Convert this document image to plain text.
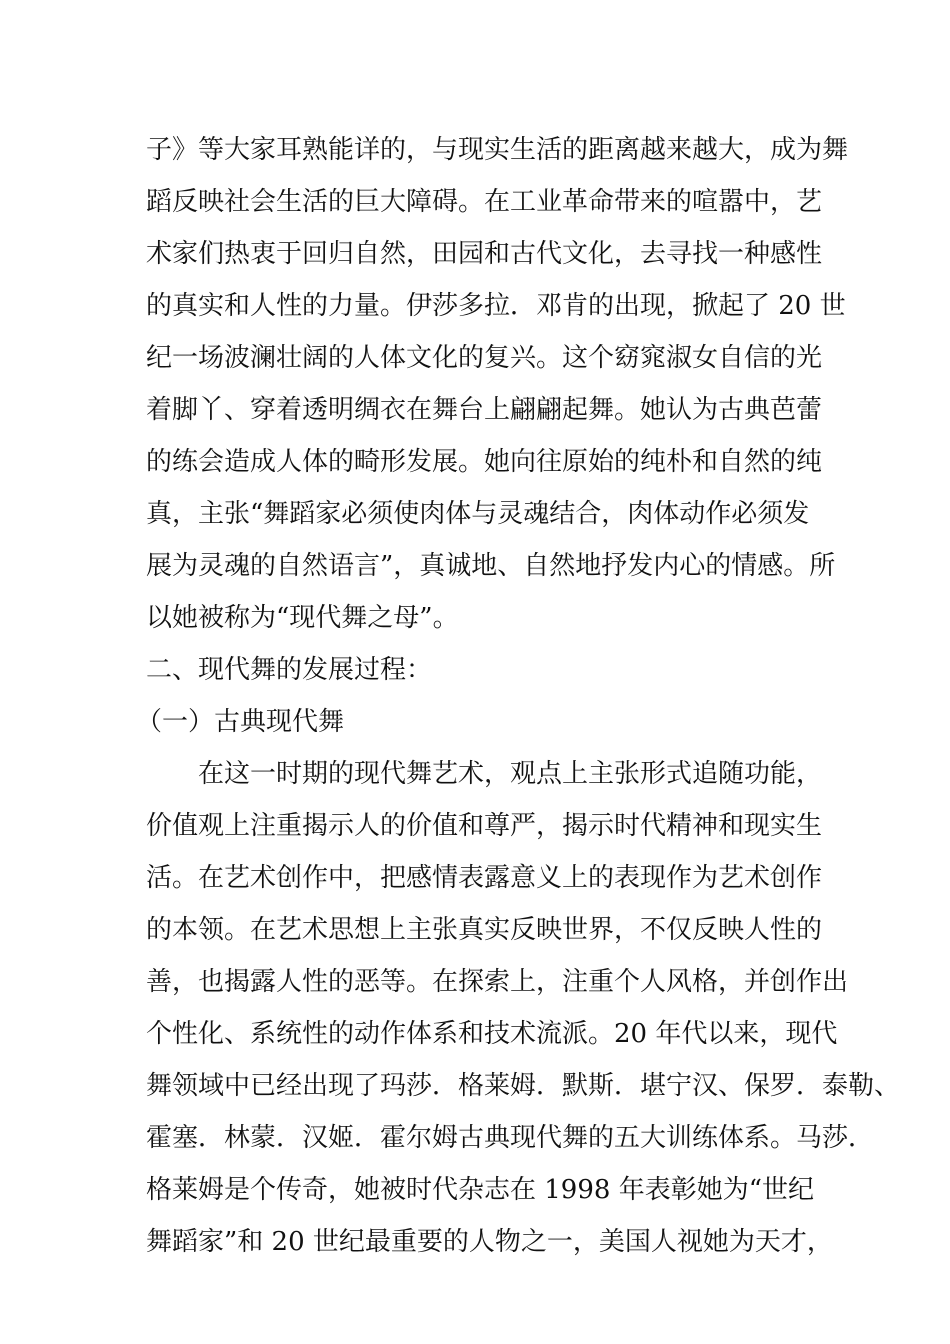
子》等大家耳熟能详的，与现实生活的距离越来越大，成为舞
蹈反映社会生活的巨大障碍。在工业革命带来的喧嚣中，艺
术家们热衷于回归自然，田园和古代文化，去寻找一种感性
的真实和人性的力量。伊莎多拉．邓肯的出现，掀起了 20 世
纪一场波澜壮阔的人体文化的复兴。这个窈窕淑女自信的光
着脚丫、穿着透明绸衣在舞台上翩翩起舞。她认为古典芭蕾
的练会造成人体的畸形发展。她向往原始的纯朴和自然的纯
真，主张“舞蹈家必须使肉体与灵魂结合，肉体动作必须发
展为灵魂的自然语言”，真诚地、自然地抒发内心的情感。所
以她被称为“现代舞之母”。
二、现代舞的发展过程：
（一）古典现代舞
在这一时期的现代舞艺术，观点上主张形式追随功能，
价值观上注重揭示人的价值和尊严，揭示时代精神和现实生
活。在艺术创作中，把感情表露意义上的表现作为艺术创作
的本领。在艺术思想上主张真实反映世界，不仅反映人性的
善，也揭露人性的恶等。在探索上，注重个人风格，并创作出
个性化、系统性的动作体系和技术流派。20 年代以来，现代
舞领域中已经出现了玛莎．格莱姆．默斯．堪宁汉、保罗．泰勒、
霍塞．林蒙．汉姬．霍尔姆古典现代舞的五大训练体系。马莎．
格莱姆是个传奇，她被时代杂志在 1998 年表彰她为“世纪
舞蹈家”和 20 世纪最重要的人物之一，美国人视她为天才，
